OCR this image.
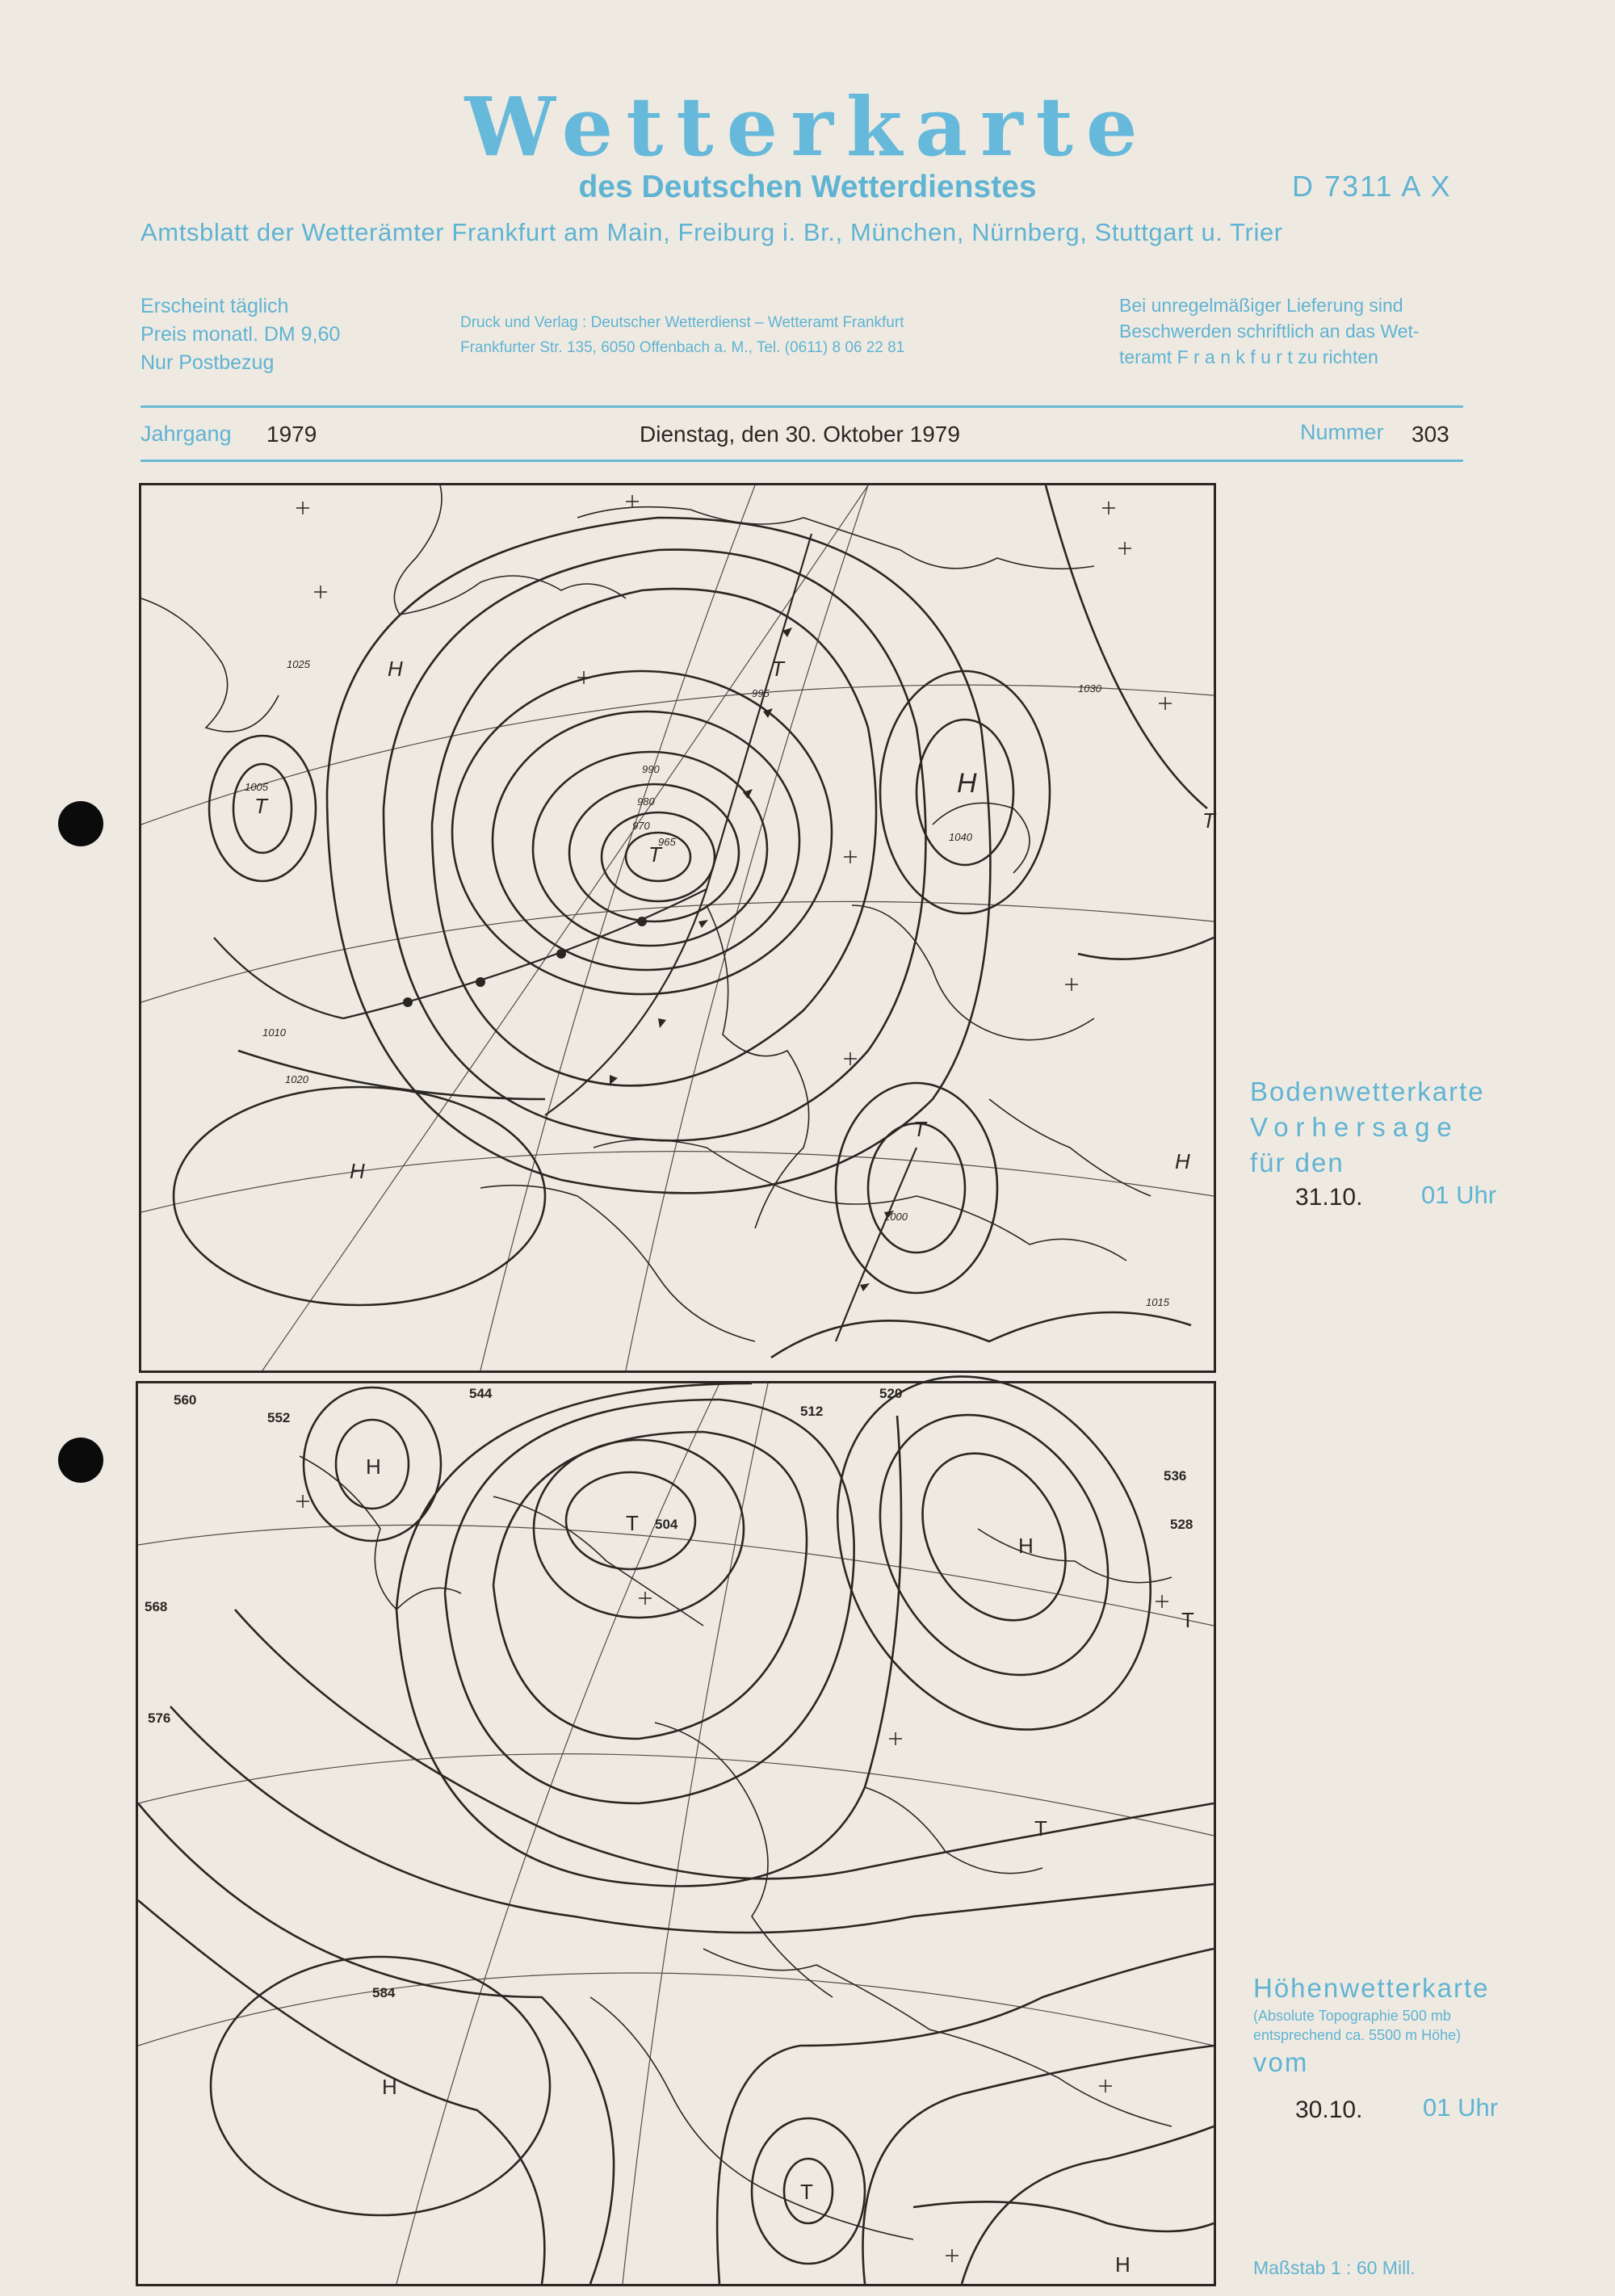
Wetterkarte
des Deutschen Wetterdienstes	D 7311 A X
Amtsblatt der Wetterämter Frankfurt am Main, Freiburg i. Br., München, Nürnberg, Stuttgart u. Trier
Erscheint täglich
Preis monatl. DM 9,60
Nur Postbezug
Druck und Verlag : Deutscher Wetterdienst – Wetteramt Frankfurt
Frankfurter Str. 135, 6050 Offenbach a. M., Tel. (0611) 8 06 22 81
Bei unregelmäßiger Lieferung sind
Beschwerden schriftlich an das Wet-
teramt F r a n k f u r t zu richten
Jahrgang 1979	Dienstag, den 30. Oktober 1979	Nummer 303
H
H
H
H
T
T
T
T
T
1025
1020
1015
1010
1005
1000
995
990
980
970
965
1030
1040
Bodenwetterkarte
Vorhersage
für den
31.10. 01 Uhr
H
H
H
H
T
T
T
T
560
552
544
536
528
520
512
504
568
576
584	Höhenwetterkarte
(Absolute Topographie 500 mb
entsprechend ca. 5500 m Höhe)
vom
30.10. 01 Uhr
Maßstab 1 : 60 Mill.
